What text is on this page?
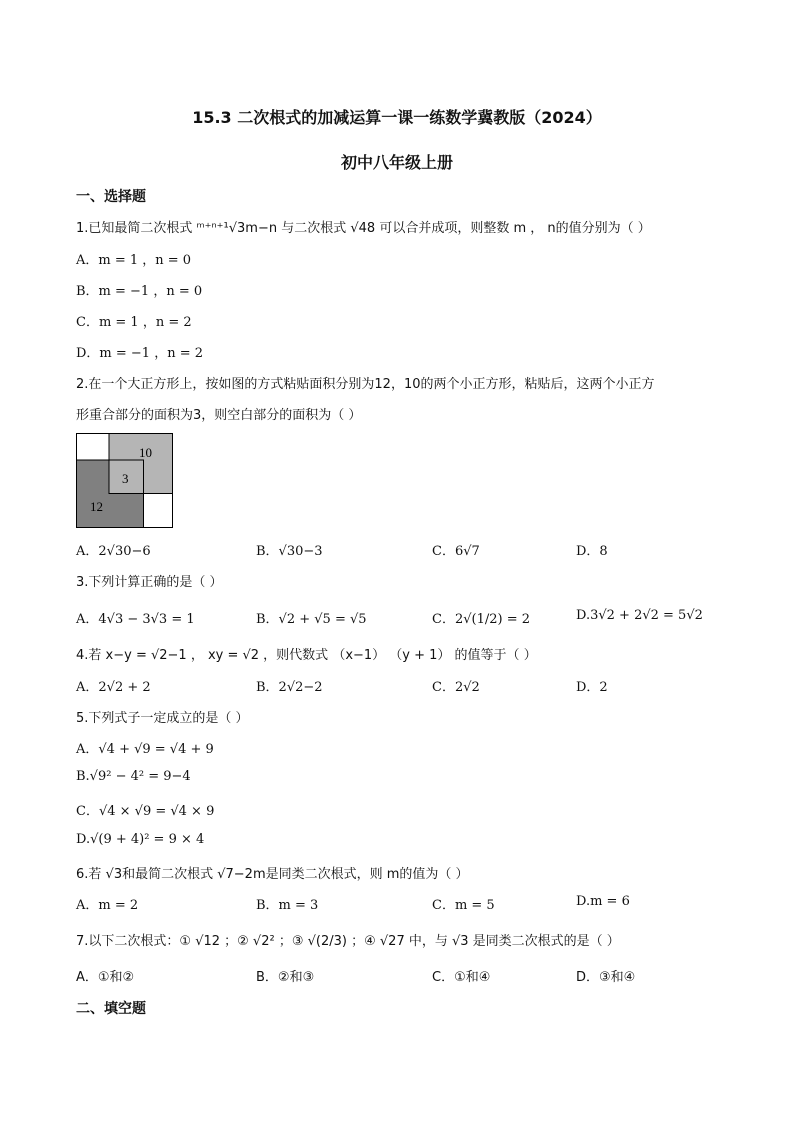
15.3 二次根式的加减运算一课一练数学冀教版（2024）
初中八年级上册
一、选择题
1.已知最简二次根式 ᵐ⁺ⁿ⁺¹√3m−n 与二次根式 √48 可以合并成项，则整数 m ， n的值分别为（ ）
A．m = 1 ，n = 0
B．m = −1 ，n = 0
C．m = 1 ，n = 2
D．m = −1 ，n = 2
2.在一个大正方形上，按如图的方式粘贴面积分别为12，10的两个小正方形，粘贴后，这两个小正方
形重合部分的面积为3，则空白部分的面积为（ ）
10
3
12
A．2√30−6	B．√30−3	C．6√7	D．8
3.下列计算正确的是（ ）
A．4√3 − 3√3 = 1	B．√2 + √5 = √5	C．2√(1/2) = 2	D.3√2 + 2√2 = 5√2
4.若 x−y = √2−1 ， xy = √2 ，则代数式 （x−1） （y + 1） 的值等于（ ）
A．2√2 + 2	B．2√2−2	C．2√2	D．2
5.下列式子一定成立的是（ ）
A．√4 + √9 = √4 + 9
B.√9² − 4² = 9−4
C．√4 × √9 = √4 × 9
D.√(9 + 4)² = 9 × 4
6.若 √3和最简二次根式 √7−2m是同类二次根式，则 m的值为（ ）
A．m = 2	B．m = 3	C．m = 5	D.m = 6
7.以下二次根式：① √12 ；② √2² ；③ √(2/3) ；④ √27 中，与 √3 是同类二次根式的是（ ）
A．①和②	B．②和③	C．①和④	D．③和④
二、填空题
